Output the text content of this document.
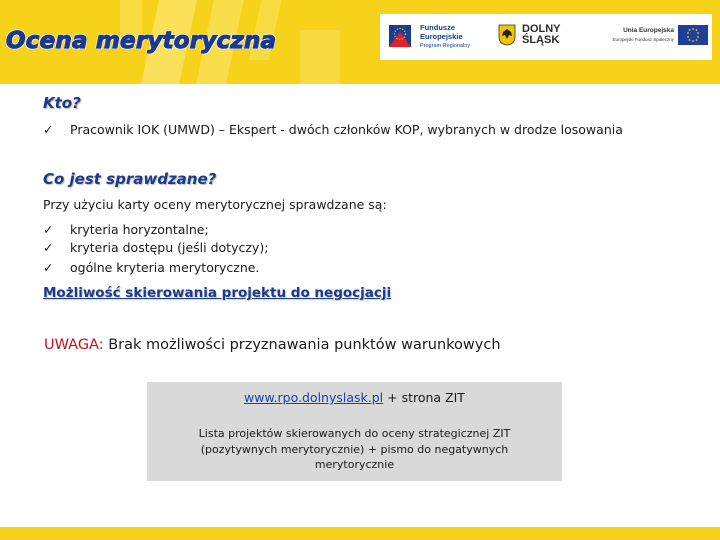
Fundusze
Europejskie
Program Regionalny
DOLNY
ŚLĄSK
Unia Europejska
Europejski Fundusz Społeczny
Ocena merytoryczna
Kto?
✓ Pracownik IOK (UMWD) – Ekspert - dwóch członków KOP, wybranych w drodze losowania
Co jest sprawdzane?
Przy użyciu karty oceny merytorycznej sprawdzane są:
✓ kryteria horyzontalne;
✓ kryteria dostępu (jeśli dotyczy);
✓ ogólne kryteria merytoryczne.
Możliwość skierowania projektu do negocjacji
UWAGA: Brak możliwości przyznawania punktów warunkowych
www.rpo.dolnyslask.pl + strona ZIT
Lista projektów skierowanych do oceny strategicznej ZIT (pozytywnych merytorycznie) + pismo do negatywnych merytorycznie
